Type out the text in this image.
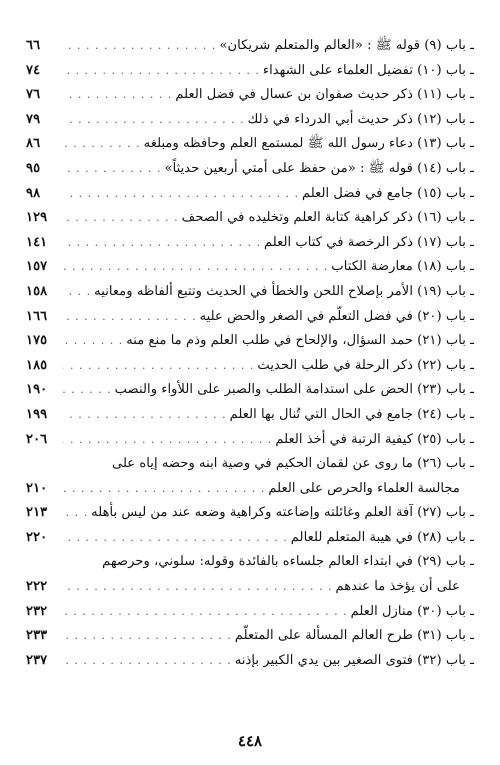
ـ باب (٩) قوله ﷺ : «العالم والمتعلم شريكان»
. . .
٦٦
ـ باب (١٠) تفضيل العلماء على الشهداء
. . .
٧٤
ـ باب (١١) ذكر حديث صفوان بن عسال في فضل العلم
. . .
٧٦
ـ باب (١٢) ذكر حديث أبي الدرداء في ذلك
. . .
٧٩
ـ باب (١٣) دعاء رسول الله ﷺ لمستمع العلم وحافظه ومبلغه
. . .
٨٦
ـ باب (١٤) قوله ﷺ : «من حفظ على أمتي أربعين حديثاً»
. . .
٩٥
ـ باب (١٥) جامع في فضل العلم
. . .
٩٨
ـ باب (١٦) ذكر كراهية كتابة العلم وتخليده في الصحف
. . .
١٢٩
ـ باب (١٧) ذكر الرخصة في كتاب العلم
. . .
١٤١
ـ باب (١٨) معارضة الكتاب
. . .
١٥٧
ـ باب (١٩) الأمر بإصلاح اللحن والخطأ في الحديث وتتبع ألفاظه ومعانيه
. . .
١٥٨
ـ باب (٢٠) في فضل التعلّم في الصغر والحض عليه
. . .
١٦٦
ـ باب (٢١) حمد السؤال، والإلحاح في طلب العلم وذم ما منع منه
. . .
١٧٥
ـ باب (٢٢) ذكر الرحلة في طلب الحديث
. . .
١٨٥
ـ باب (٢٣) الحض على استدامة الطلب والصبر على اللأواء والنصب
. . .
١٩٠
ـ باب (٢٤) جامع في الحال التي تُنال بها العلم
. . .
١٩٩
ـ باب (٢٥) كيفية الرتبة في أخذ العلم
. . .
٢٠٦
ـ باب (٢٦) ما روى عن لقمان الحكيم في وصية ابنه وحضه إياه على
مجالسة العلماء والحرص على العلم
. . .
٢١٠
ـ باب (٢٧) آفة العلم وغائلته وإضاعته وكراهية وضعه عند من ليس بأهله
. . .
٢١٣
ـ باب (٢٨) في هيبة المتعلم للعالم
. . .
٢٢٠
ـ باب (٢٩) في ابتداء العالم جلساءه بالفائدة وقوله: سلوني، وحرصهم
على أن يؤخذ ما عندهم
. . .
٢٢٢
ـ باب (٣٠) منازل العلم
. . .
٢٣٢
ـ باب (٣١) طرح العالم المسألة على المتعلّم
. . .
٢٣٣
ـ باب (٣٢) فتوى الصغير بين يدي الكبير بإذنه
. . .
٢٣٧
٤٤٨
